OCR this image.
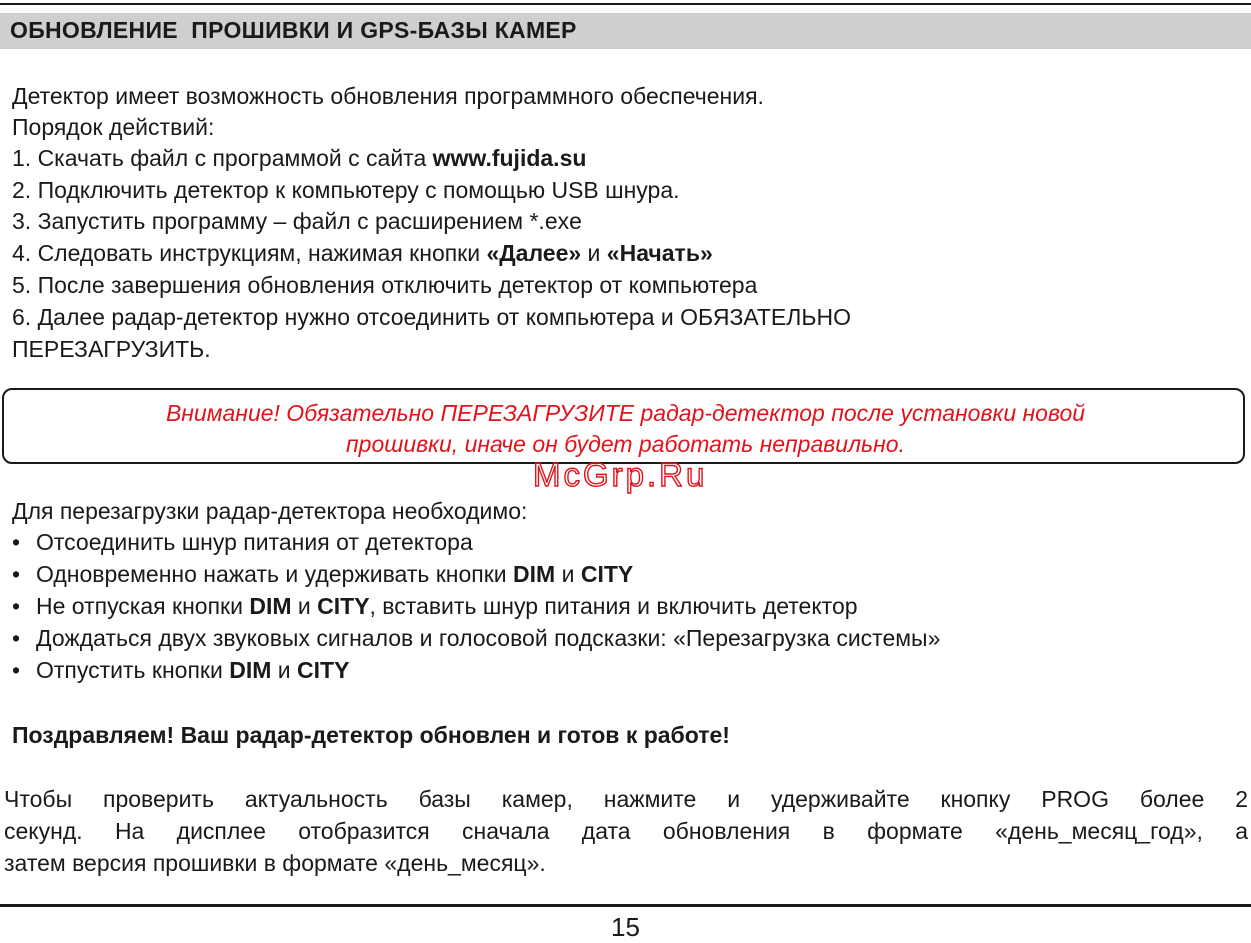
ОБНОВЛЕНИЕ  ПРОШИВКИ И GPS-БАЗЫ КАМЕР
Детектор имеет возможность обновления программного обеспечения.
Порядок действий:
1. Скачать файл с программой с сайта www.fujida.su
2. Подключить детектор к компьютеру с помощью USB шнура.
3. Запустить программу – файл с расширением *.exe
4. Следовать инструкциям, нажимая кнопки «Далее» и «Начать»
5. После завершения обновления отключить детектор от компьютера
6. Далее радар-детектор нужно отсоединить от компьютера и ОБЯЗАТЕЛЬНО
ПЕРЕЗАГРУЗИТЬ.
Внимание! Обязательно ПЕРЕЗАГРУЗИТЕ радар-детектор после установки новой
прошивки, иначе он будет работать неправильно.
McGrp.Ru
Для перезагрузки радар-детектора необходимо:
• Отсоединить шнур питания от детектора
• Одновременно нажать и удерживать кнопки DIM и CITY
• Не отпуская кнопки DIM и CITY, вставить шнур питания и включить детектор
• Дождаться двух звуковых сигналов и голосовой подсказки: «Перезагрузка системы»
• Отпустить кнопки DIM и CITY
Поздравляем! Ваш радар-детектор обновлен и готов к работе!
Чтобы проверить актуальность базы камер, нажмите и удерживайте кнопку PROG более 2
секунд. На дисплее отобразится сначала дата обновления в формате «день_месяц_год», а
затем версия прошивки в формате «день_месяц».
15
